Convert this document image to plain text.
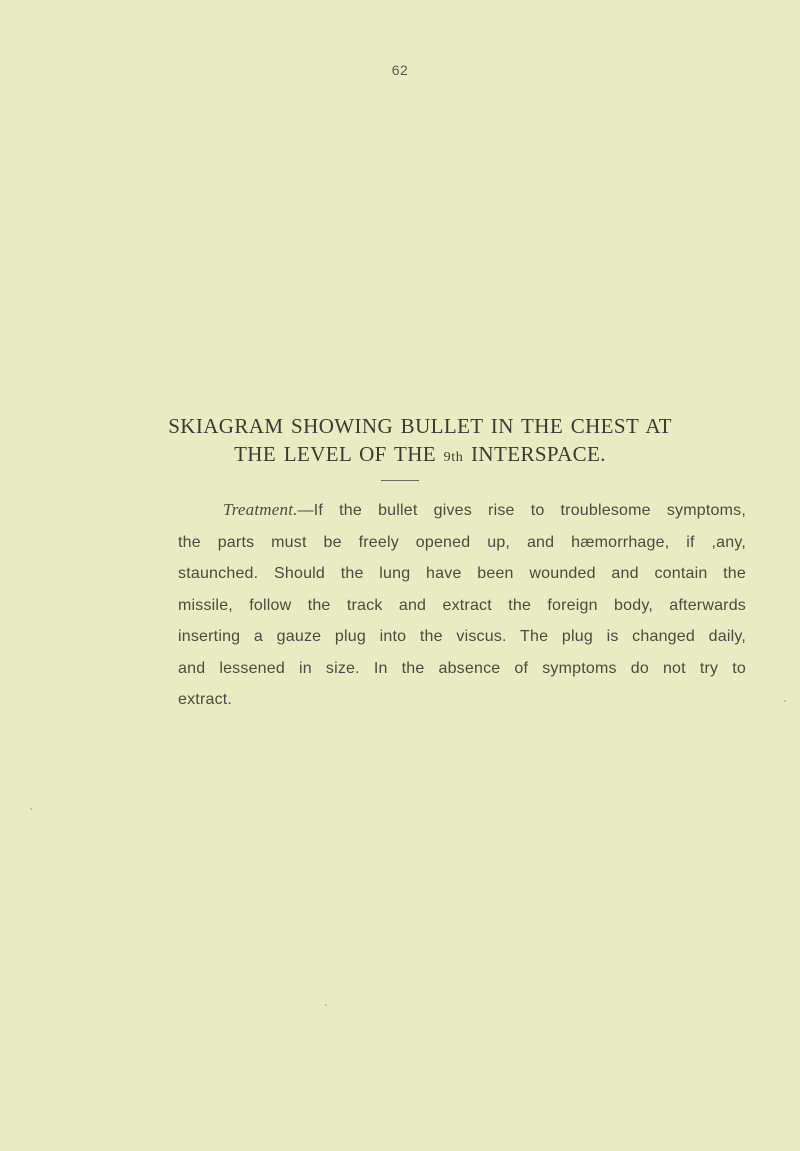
62
SKIAGRAM SHOWING BULLET IN THE CHEST AT
THE LEVEL OF THE 9th INTERSPACE.
Treatment.—If the bullet gives rise to troublesome symptoms,
the parts must be freely opened up, and hæmorrhage, if ,any,
staunched. Should the lung have been wounded and contain the
missile, follow the track and extract the foreign body, afterwards
inserting a gauze plug into the viscus. The plug is changed daily,
and lessened in size. In the absence of symptoms do not try to
extract.
